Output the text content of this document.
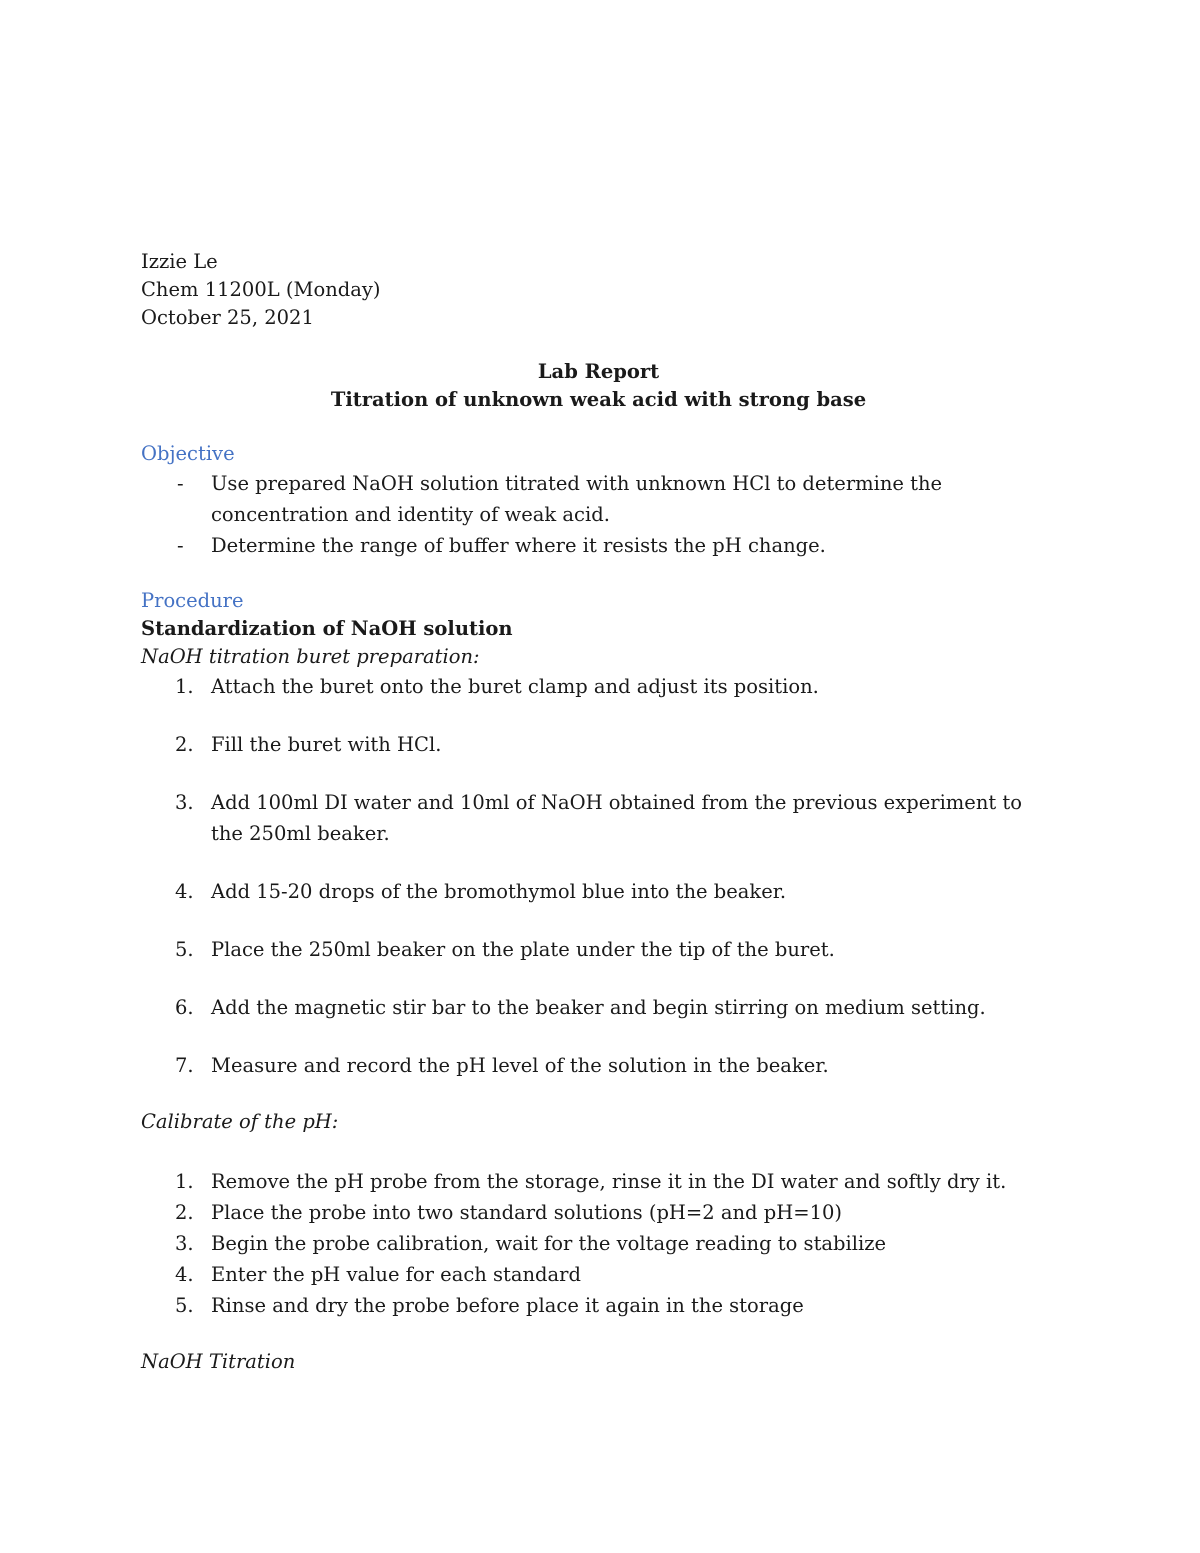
Izzie Le
Chem 11200L (Monday)
October 25, 2021
Lab Report
Titration of unknown weak acid with strong base
Objective
- Use prepared NaOH solution titrated with unknown HCl to determine the concentration and identity of weak acid.
- Determine the range of buffer where it resists the pH change.
Procedure
Standardization of NaOH solution
NaOH titration buret preparation:
1. Attach the buret onto the buret clamp and adjust its position.
2. Fill the buret with HCl.
3. Add 100ml DI water and 10ml of NaOH obtained from the previous experiment to the 250ml beaker.
4. Add 15-20 drops of the bromothymol blue into the beaker.
5. Place the 250ml beaker on the plate under the tip of the buret.
6. Add the magnetic stir bar to the beaker and begin stirring on medium setting.
7. Measure and record the pH level of the solution in the beaker.
Calibrate of the pH:
1. Remove the pH probe from the storage, rinse it in the DI water and softly dry it.
2. Place the probe into two standard solutions (pH=2 and pH=10)
3. Begin the probe calibration, wait for the voltage reading to stabilize
4. Enter the pH value for each standard
5. Rinse and dry the probe before place it again in the storage
NaOH Titration
